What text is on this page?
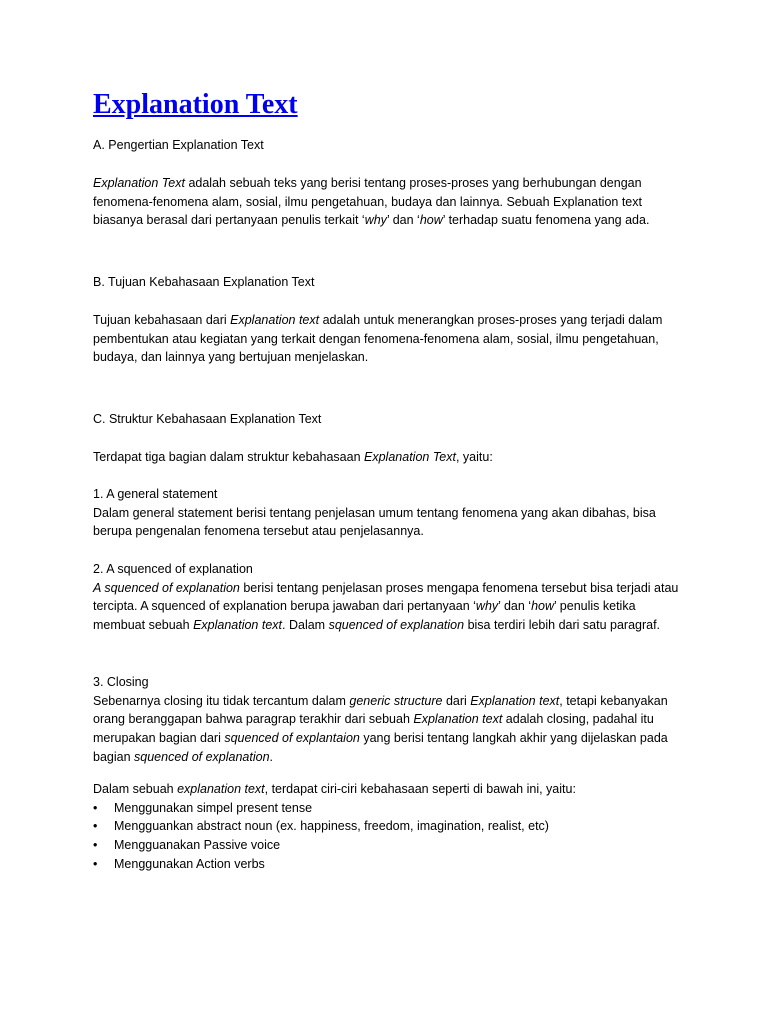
Explanation Text

A. Pengertian Explanation Text

Explanation Text adalah sebuah teks yang berisi tentang proses-proses yang berhubungan dengan fenomena-fenomena alam, sosial, ilmu pengetahuan, budaya dan lainnya. Sebuah Explanation text biasanya berasal dari pertanyaan penulis terkait ‘why’ dan ‘how’ terhadap suatu fenomena yang ada.

B. Tujuan Kebahasaan Explanation Text

Tujuan kebahasaan dari Explanation text adalah untuk menerangkan proses-proses yang terjadi dalam pembentukan atau kegiatan yang terkait dengan fenomena-fenomena alam, sosial, ilmu pengetahuan, budaya, dan lainnya yang bertujuan menjelaskan.

C. Struktur Kebahasaan Explanation Text

Terdapat tiga bagian dalam struktur kebahasaan Explanation Text, yaitu:

1. A general statement

Dalam general statement berisi tentang penjelasan umum tentang fenomena yang akan dibahas, bisa berupa pengenalan fenomena tersebut atau penjelasannya.

2. A squenced of explanation

A squenced of explanation berisi tentang penjelasan proses mengapa fenomena tersebut bisa terjadi atau tercipta. A squenced of explanation berupa jawaban dari pertanyaan ‘why’ dan ‘how’ penulis ketika membuat sebuah Explanation text. Dalam squenced of explanation bisa terdiri lebih dari satu paragraf.

3. Closing

Sebenarnya closing itu tidak tercantum dalam generic structure dari Explanation text, tetapi kebanyakan orang beranggapan bahwa paragrap terakhir dari sebuah Explanation text adalah closing, padahal itu merupakan bagian dari squenced of explantaion yang berisi tentang langkah akhir yang dijelaskan pada bagian squenced of explanation.

Dalam sebuah explanation text, terdapat ciri-ciri kebahasaan seperti di bawah ini, yaitu:

• Menggunakan simpel present tense
• Mengguankan abstract noun (ex. happiness, freedom, imagination, realist, etc)
• Mengguanakan Passive voice
• Menggunakan Action verbs
